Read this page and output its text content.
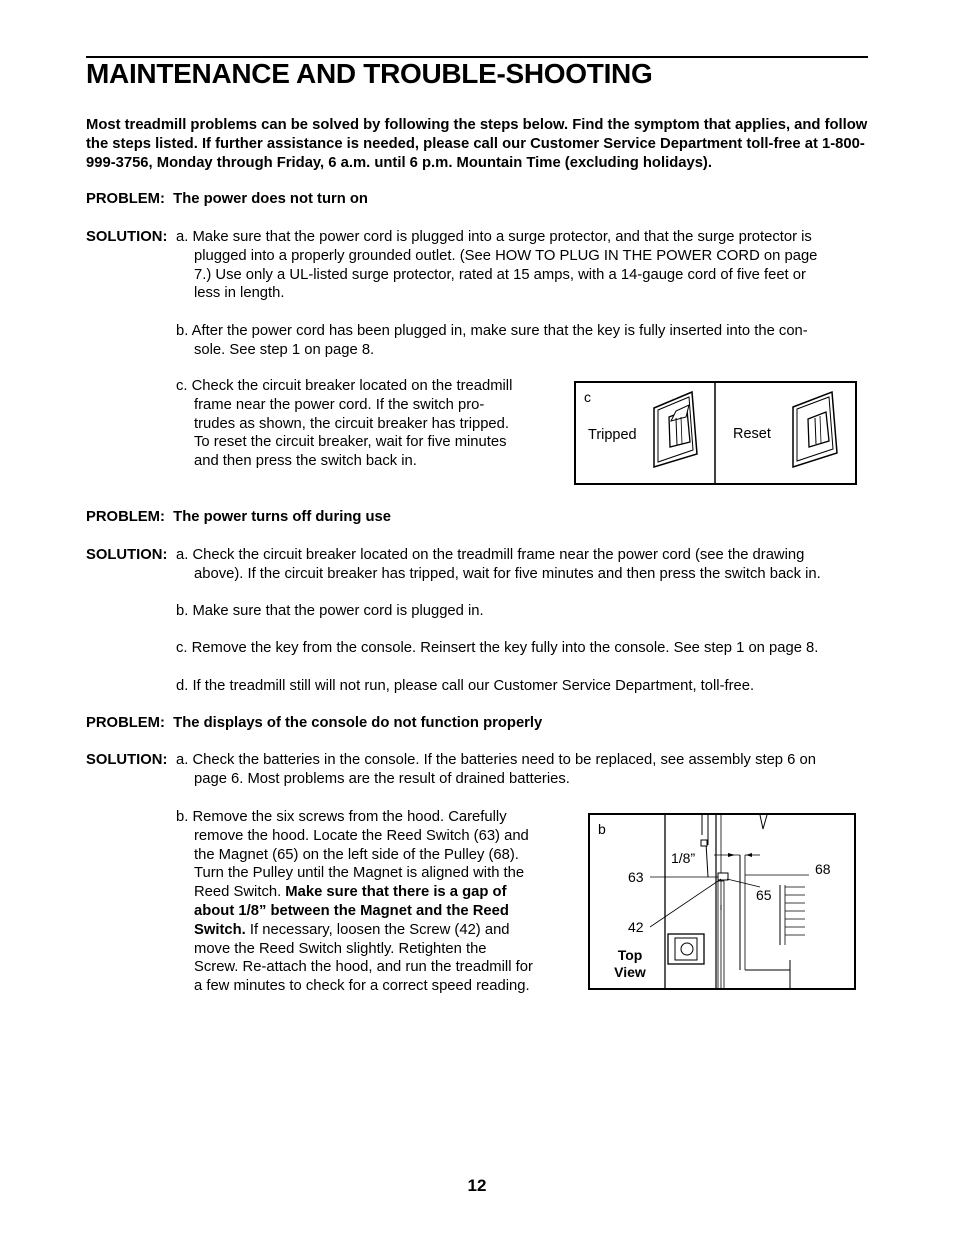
MAINTENANCE AND TROUBLE-SHOOTING
Most treadmill problems can be solved by following the steps below. Find the symptom that applies, and follow the steps listed. If further assistance is needed, please call our Customer Service Department toll-free at 1-800-999-3756, Monday through Friday, 6 a.m. until 6 p.m. Mountain Time (excluding holidays).
PROBLEM: The power does not turn on
SOLUTION: a. Make sure that the power cord is plugged into a surge protector, and that the surge protector is
plugged into a properly grounded outlet. (See HOW TO PLUG IN THE POWER CORD on page
7.) Use only a UL-listed surge protector, rated at 15 amps, with a 14-gauge cord of five feet or
less in length.
b. After the power cord has been plugged in, make sure that the key is fully inserted into the con-
sole. See step 1 on page 8.
c. Check the circuit breaker located on the treadmill
frame near the power cord. If the switch pro-
trudes as shown, the circuit breaker has tripped.
To reset the circuit breaker, wait for five minutes
and then press the switch back in.
c
Tripped	Reset
PROBLEM: The power turns off during use
SOLUTION: a. Check the circuit breaker located on the treadmill frame near the power cord (see the drawing
above). If the circuit breaker has tripped, wait for five minutes and then press the switch back in.
b. Make sure that the power cord is plugged in.
c. Remove the key from the console. Reinsert the key fully into the console. See step 1 on page 8.
d. If the treadmill still will not run, please call our Customer Service Department, toll-free.
PROBLEM: The displays of the console do not function properly
SOLUTION: a. Check the batteries in the console. If the batteries need to be replaced, see assembly step 6 on
page 6. Most problems are the result of drained batteries.
b. Remove the six screws from the hood. Carefully
remove the hood. Locate the Reed Switch (63) and
the Magnet (65) on the left side of the Pulley (68).
Turn the Pulley until the Magnet is aligned with the
Reed Switch. Make sure that there is a gap of
about 1/8” between the Magnet and the Reed
Switch. If necessary, loosen the Screw (42) and
move the Reed Switch slightly. Retighten the
Screw. Re-attach the hood, and run the treadmill for
a few minutes to check for a correct speed reading.
b
1/8”
63
42
65
68
Top
View
12
